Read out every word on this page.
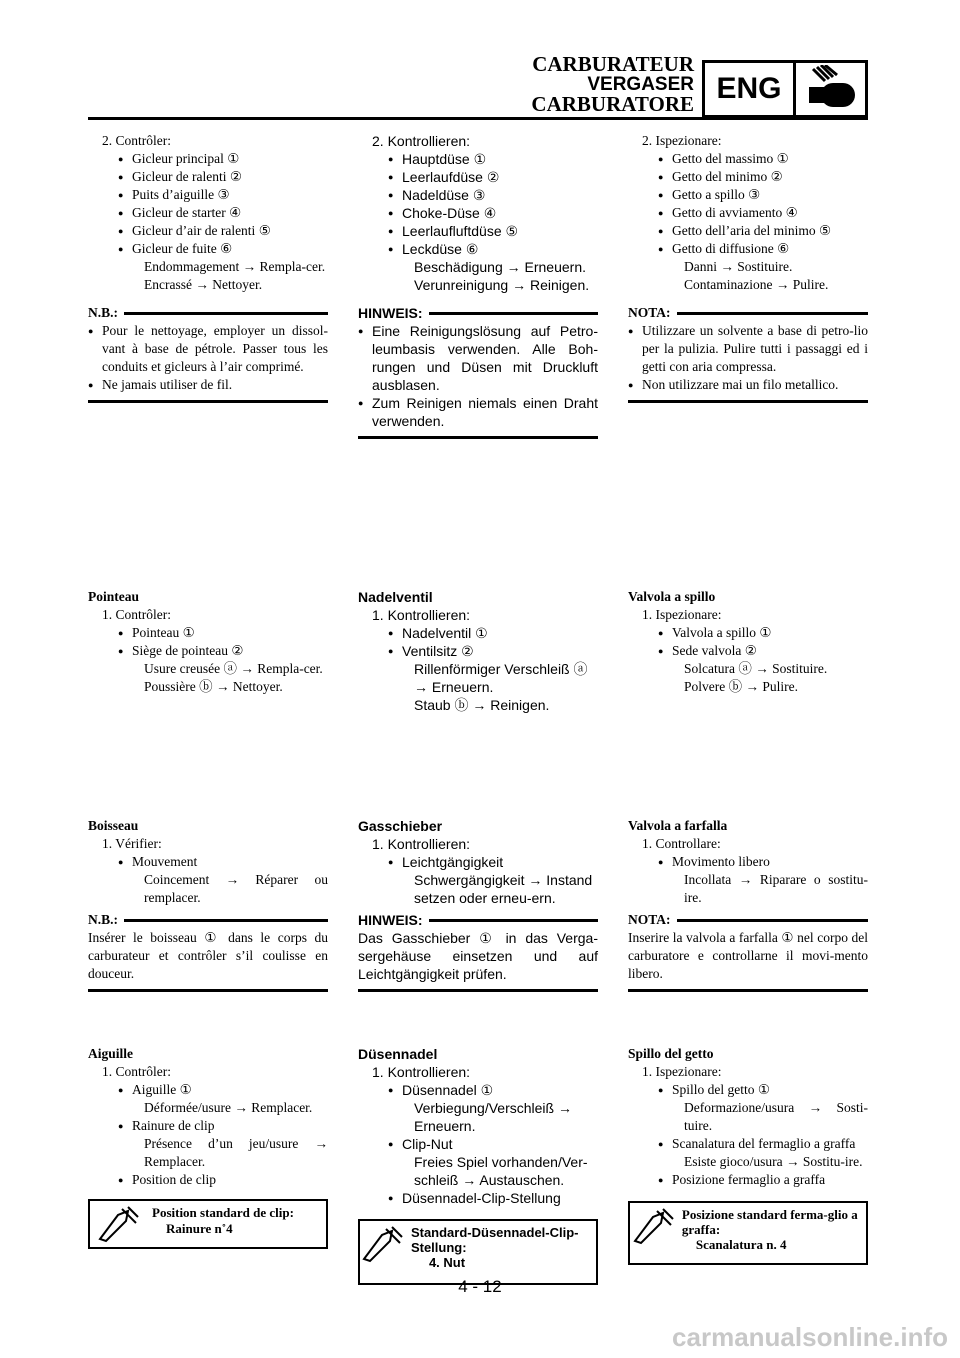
CARBURATEUR
VERGASER
CARBURATORE ENG
2. Contrôler:
● Gicleur principal ①
● Gicleur de ralenti ②
● Puits d’aiguille ③
● Gicleur de starter ④
● Gicleur d’air de ralenti ⑤
● Gicleur de fuite ⑥
Endommagement → Rempla-cer.
Encrassé → Nettoyer.
N.B.:
● Pour le nettoyage, employer un dissol-vant à base de pétrole. Passer tous les conduits et gicleurs à l’air comprimé.
● Ne jamais utiliser de fil.
Pointeau
1. Contrôler:
● Pointeau ①
● Siège de pointeau ②
Usure creusée ⓐ → Rempla-cer.
Poussière ⓑ → Nettoyer.
Boisseau
1. Vérifier:
● Mouvement
Coincement → Réparer ou remplacer.
N.B.:
Insérer le boisseau ① dans le corps du carburateur et contrôler s’il coulisse en douceur.
Aiguille
1. Contrôler:
● Aiguille ①
Déformée/usure → Remplacer.
● Rainure de clip
Présence d’un jeu/usure → Remplacer.
● Position de clip
Position standard de clip:
Rainure n˚4
2. Kontrollieren:
● Hauptdüse ①
● Leerlaufdüse ②
● Nadeldüse ③
● Choke-Düse ④
● Leerlaufluftdüse ⑤
● Leckdüse ⑥
Beschädigung → Erneuern.
Verunreinigung → Reinigen.
HINWEIS:
● Eine Reinigungslösung auf Petro-leumbasis verwenden. Alle Boh-rungen und Düsen mit Druckluft ausblasen.
● Zum Reinigen niemals einen Draht verwenden.
Nadelventil
1. Kontrollieren:
● Nadelventil ①
● Ventilsitz ②
Rillenförmiger Verschleiß ⓐ → Erneuern.
Staub ⓑ → Reinigen.
Gasschieber
1. Kontrollieren:
● Leichtgängigkeit
Schwergängigkeit → Instand setzen oder erneu-ern.
HINWEIS:
Das Gasschieber ① in das Verga-sergehäuse einsetzen und auf Leichtgängigkeit prüfen.
Düsennadel
1. Kontrollieren:
● Düsennadel ①
Verbiegung/Verschleiß → Erneuern.
● Clip-Nut
Freies Spiel vorhanden/Ver-schleiß → Austauschen.
● Düsennadel-Clip-Stellung
Standard-Düsennadel-Clip-Stellung:
4. Nut
2. Ispezionare:
● Getto del massimo ①
● Getto del minimo ②
● Getto a spillo ③
● Getto di avviamento ④
● Getto dell’aria del minimo ⑤
● Getto di diffusione ⑥
Danni → Sostituire.
Contaminazione → Pulire.
NOTA:
● Utilizzare un solvente a base di petro-lio per la pulizia. Pulire tutti i passaggi ed i getti con aria compressa.
● Non utilizzare mai un filo metallico.
Valvola a spillo
1. Ispezionare:
● Valvola a spillo ①
● Sede valvola ②
Solcatura ⓐ → Sostituire.
Polvere ⓑ → Pulire.
Valvola a farfalla
1. Controllare:
● Movimento libero
Incollata → Riparare o sostitu-ire.
NOTA:
Inserire la valvola a farfalla ① nel corpo del carburatore e controllarne il movi-mento libero.
Spillo del getto
1. Ispezionare:
● Spillo del getto ①
Deformazione/usura → Sosti-tuire.
● Scanalatura del fermaglio a graffa
Esiste gioco/usura → Sostitu-ire.
● Posizione fermaglio a graffa
Posizione standard ferma-glio a graffa:
Scanalatura n. 4
4 - 12
carmanualsonline.info
